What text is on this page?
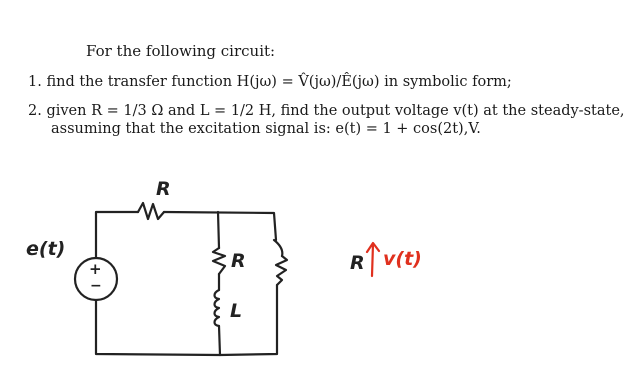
For the following circuit:
1. find the transfer function H(jω) = V̂(jω)/Ê(jω) in symbolic form;
2. given R = 1/3 Ω and L = 1/2 H, find the output voltage v(t) at the steady-state,
assuming that the excitation signal is: e(t) = 1 + cos(2t),V.
R
e(t)
+
−
R
L
R v(t)
